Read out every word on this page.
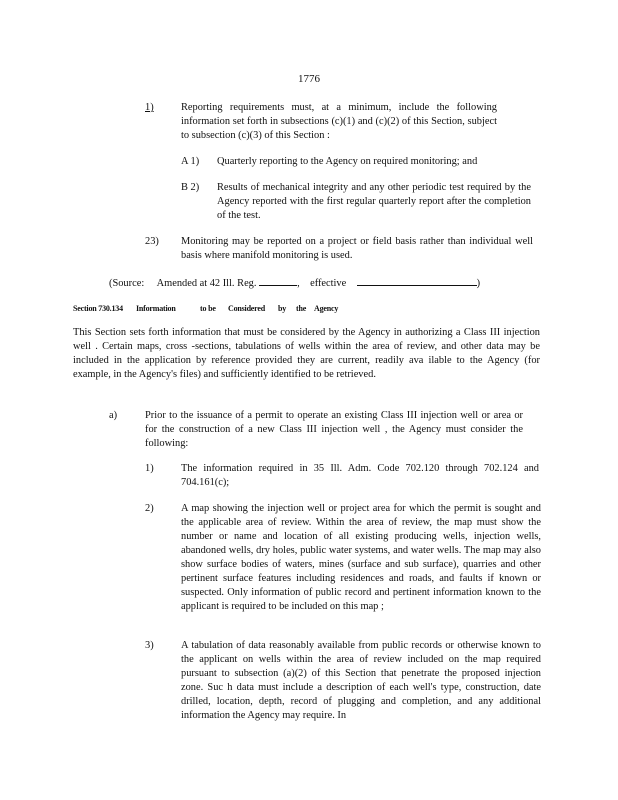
1776
1)	Reporting requirements must, at a minimum, include the following information set forth in subsections (c)(1) and (c)(2) of this Section, subject to subsection (c)(3) of this Section :
A 1) Quarterly reporting to the Agency on required monitoring; and
B 2) Results of mechanical integrity and any other periodic test required by the Agency reported with the first regular quarterly report after the completion of the test.
23) Monitoring may be reported on a project or field basis rather than individual well basis where manifold monitoring is used.
(Source: Amended at 42 Ill. Reg.	, effective	)
Section 730.134 Information	to be Considered by the Agency
This Section sets forth information that must be considered by the Agency in authorizing a Class III injection well . Certain maps, cross -sections, tabulations of wells within the area of review, and other data may be included in the application by reference provided they are current, readily ava ilable to the Agency (for example, in the Agency's files) and sufficiently identified to be retrieved.
a)	Prior to the issuance of a permit to operate an existing Class III injection well or area or for the construction of a new Class III injection well , the Agency must consider the following:
1)	The information required in 35 Ill. Adm. Code 702.120 through 702.124 and 704.161(c);
2)	A map showing the injection well or project area for which the permit is sought and the applicable area of review. Within the area of review, the map must show the number or name and location of all existing producing wells, injection wells, abandoned wells, dry holes, public water systems, and water wells. The map may also show surface bodies of waters, mines (surface and sub surface), quarries and other pertinent surface features including residences and roads, and faults if known or suspected. Only information of public record and pertinent information known to the applicant is required to be included on this map ;
3)	A tabulation of data reasonably available from public records or otherwise known to the applicant on wells within the area of review included on the map required pursuant to subsection (a)(2) of this Section that penetrate the proposed injection zone. Suc h data must include a description of each well's type, construction, date drilled, location, depth, record of plugging and completion, and any additional information the Agency may require. In
